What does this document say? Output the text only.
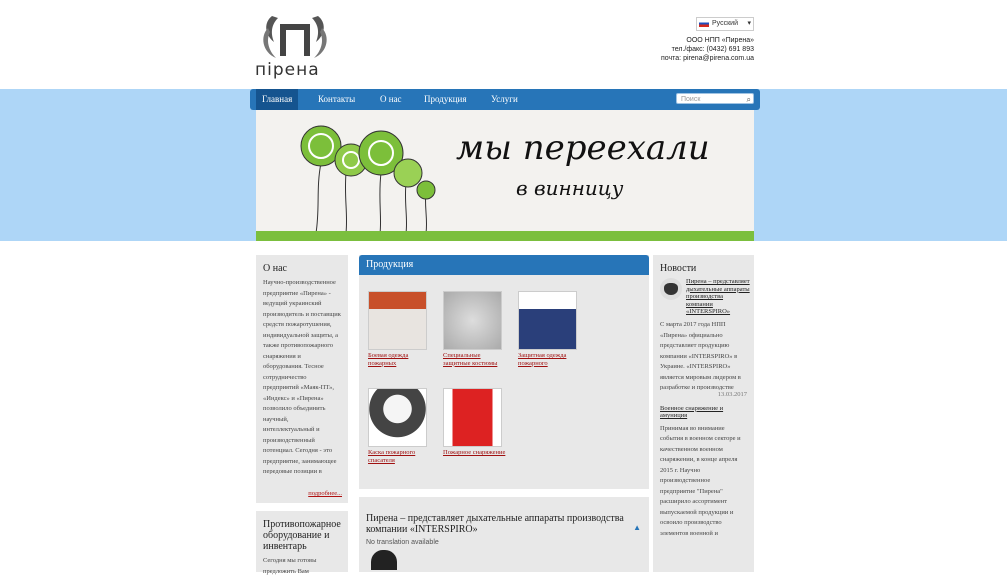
пірена
Русский ▾
ООО НПП «Пирена»
тел./факс: (0432) 691 893
почта: pirena@pirena.com.ua
Главная	Контакты	О нас Продукция	Услуги	Поиск	⌕
мы переехали
в винницу
О нас
Научно-производственное предприятие «Пирена» - ведущий украинский производитель и поставщик средств пожаротушения, индивидуальной защиты, а также противопожарного снаряжения и оборудования. Тесное сотрудничество предприятий «Маяк-ПТ», «Индекс» и «Пирена» позволило объединить научный, интеллектуальный и производственный потенциал. Сегодня - это предприятие, занимающее передовые позиции в
подробнее...
Противопожарное оборудование и инвентарь
Сегодня мы готовы предложить Вам
Продукция
Боевая одежда пожарных
Специальные защитные костюмы
Защитная одежда пожарного
Каска пожарного спасателя
Пожарное снаряжение
Пирена – представляет дыхательные аппараты производства компании «INTERSPIRO»	▲
No translation available
Новости
Пирена – представляет дыхательные аппараты производства компании «INTERSPIRO»
С марта 2017 года НПП «Пирена» официально представляет продукцию компании «INTERSPIRO» в Украине. «INTERSPIRO» является мировым лидером в разработке и производстве
13.03.2017
Военное снаряжение и амуниция
Принимая во внимание события в военном секторе и качественном военном снаряжении, в конце апреля 2015 г. Научно производственное предприятие "Пирена" расширило ассортимент выпускаемой продукции и освоило производство элементов военной и
